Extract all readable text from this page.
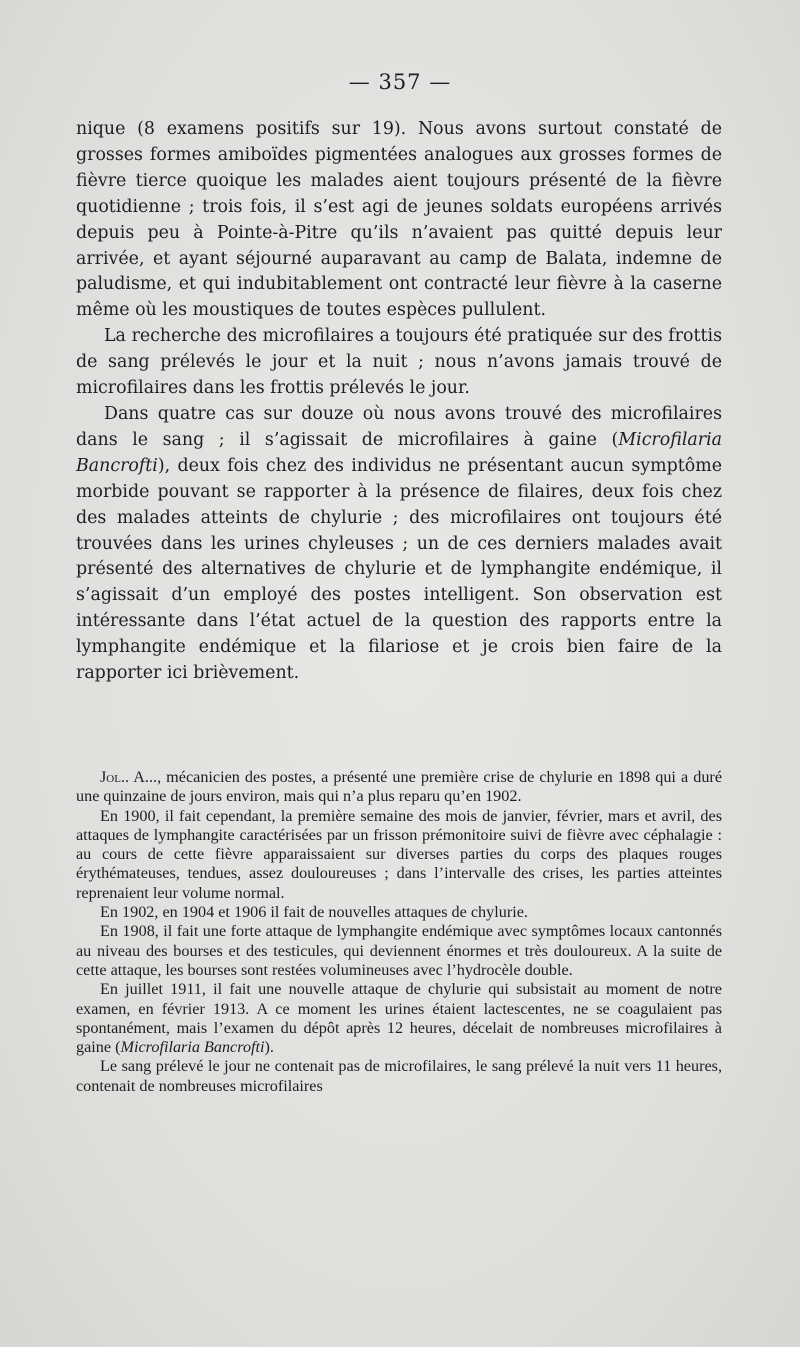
— 357 —

nique (8 examens positifs sur 19). Nous avons surtout constaté de grosses formes amiboïdes pigmentées analogues aux grosses formes de fièvre tierce quoique les malades aient toujours présenté de la fièvre quotidienne ; trois fois, il s’est agi de jeunes soldats européens arrivés depuis peu à Pointe-à-Pitre qu’ils n’avaient pas quitté depuis leur arrivée, et ayant séjourné auparavant au camp de Balata, indemne de paludisme, et qui indubitablement ont contracté leur fièvre à la caserne même où les moustiques de toutes espèces pullulent.

La recherche des microfilaires a toujours été pratiquée sur des frottis de sang prélevés le jour et la nuit ; nous n’avons jamais trouvé de microfilaires dans les frottis prélevés le jour.

Dans quatre cas sur douze où nous avons trouvé des microfilaires dans le sang ; il s’agissait de microfilaires à gaine (Microfilaria Bancrofti), deux fois chez des individus ne présentant aucun symptôme morbide pouvant se rapporter à la présence de filaires, deux fois chez des malades atteints de chylurie ; des microfilaires ont toujours été trouvées dans les urines chyleuses ; un de ces derniers malades avait présenté des alternatives de chylurie et de lymphangite endémique, il s’agissait d’un employé des postes intelligent. Son observation est intéressante dans l’état actuel de la question des rapports entre la lymphangite endémique et la filariose et je crois bien faire de la rapporter ici brièvement.

Jol.. A..., mécanicien des postes, a présenté une première crise de chylurie en 1898 qui a duré une quinzaine de jours environ, mais qui n’a plus reparu qu’en 1902.

En 1900, il fait cependant, la première semaine des mois de janvier, février, mars et avril, des attaques de lymphangite caractérisées par un frisson prémonitoire suivi de fièvre avec céphalagie : au cours de cette fièvre apparaissaient sur diverses parties du corps des plaques rouges érythémateuses, tendues, assez douloureuses ; dans l’intervalle des crises, les parties atteintes reprenaient leur volume normal.

En 1902, en 1904 et 1906 il fait de nouvelles attaques de chylurie.

En 1908, il fait une forte attaque de lymphangite endémique avec symptômes locaux cantonnés au niveau des bourses et des testicules, qui deviennent énormes et très douloureux. A la suite de cette attaque, les bourses sont restées volumineuses avec l’hydrocèle double.

En juillet 1911, il fait une nouvelle attaque de chylurie qui subsistait au moment de notre examen, en février 1913. A ce moment les urines étaient lactescentes, ne se coagulaient pas spontanément, mais l’examen du dépôt après 12 heures, décelait de nombreuses microfilaires à gaine (Microfilaria Bancrofti).

Le sang prélevé le jour ne contenait pas de microfilaires, le sang prélevé la nuit vers 11 heures, contenait de nombreuses microfilaires
